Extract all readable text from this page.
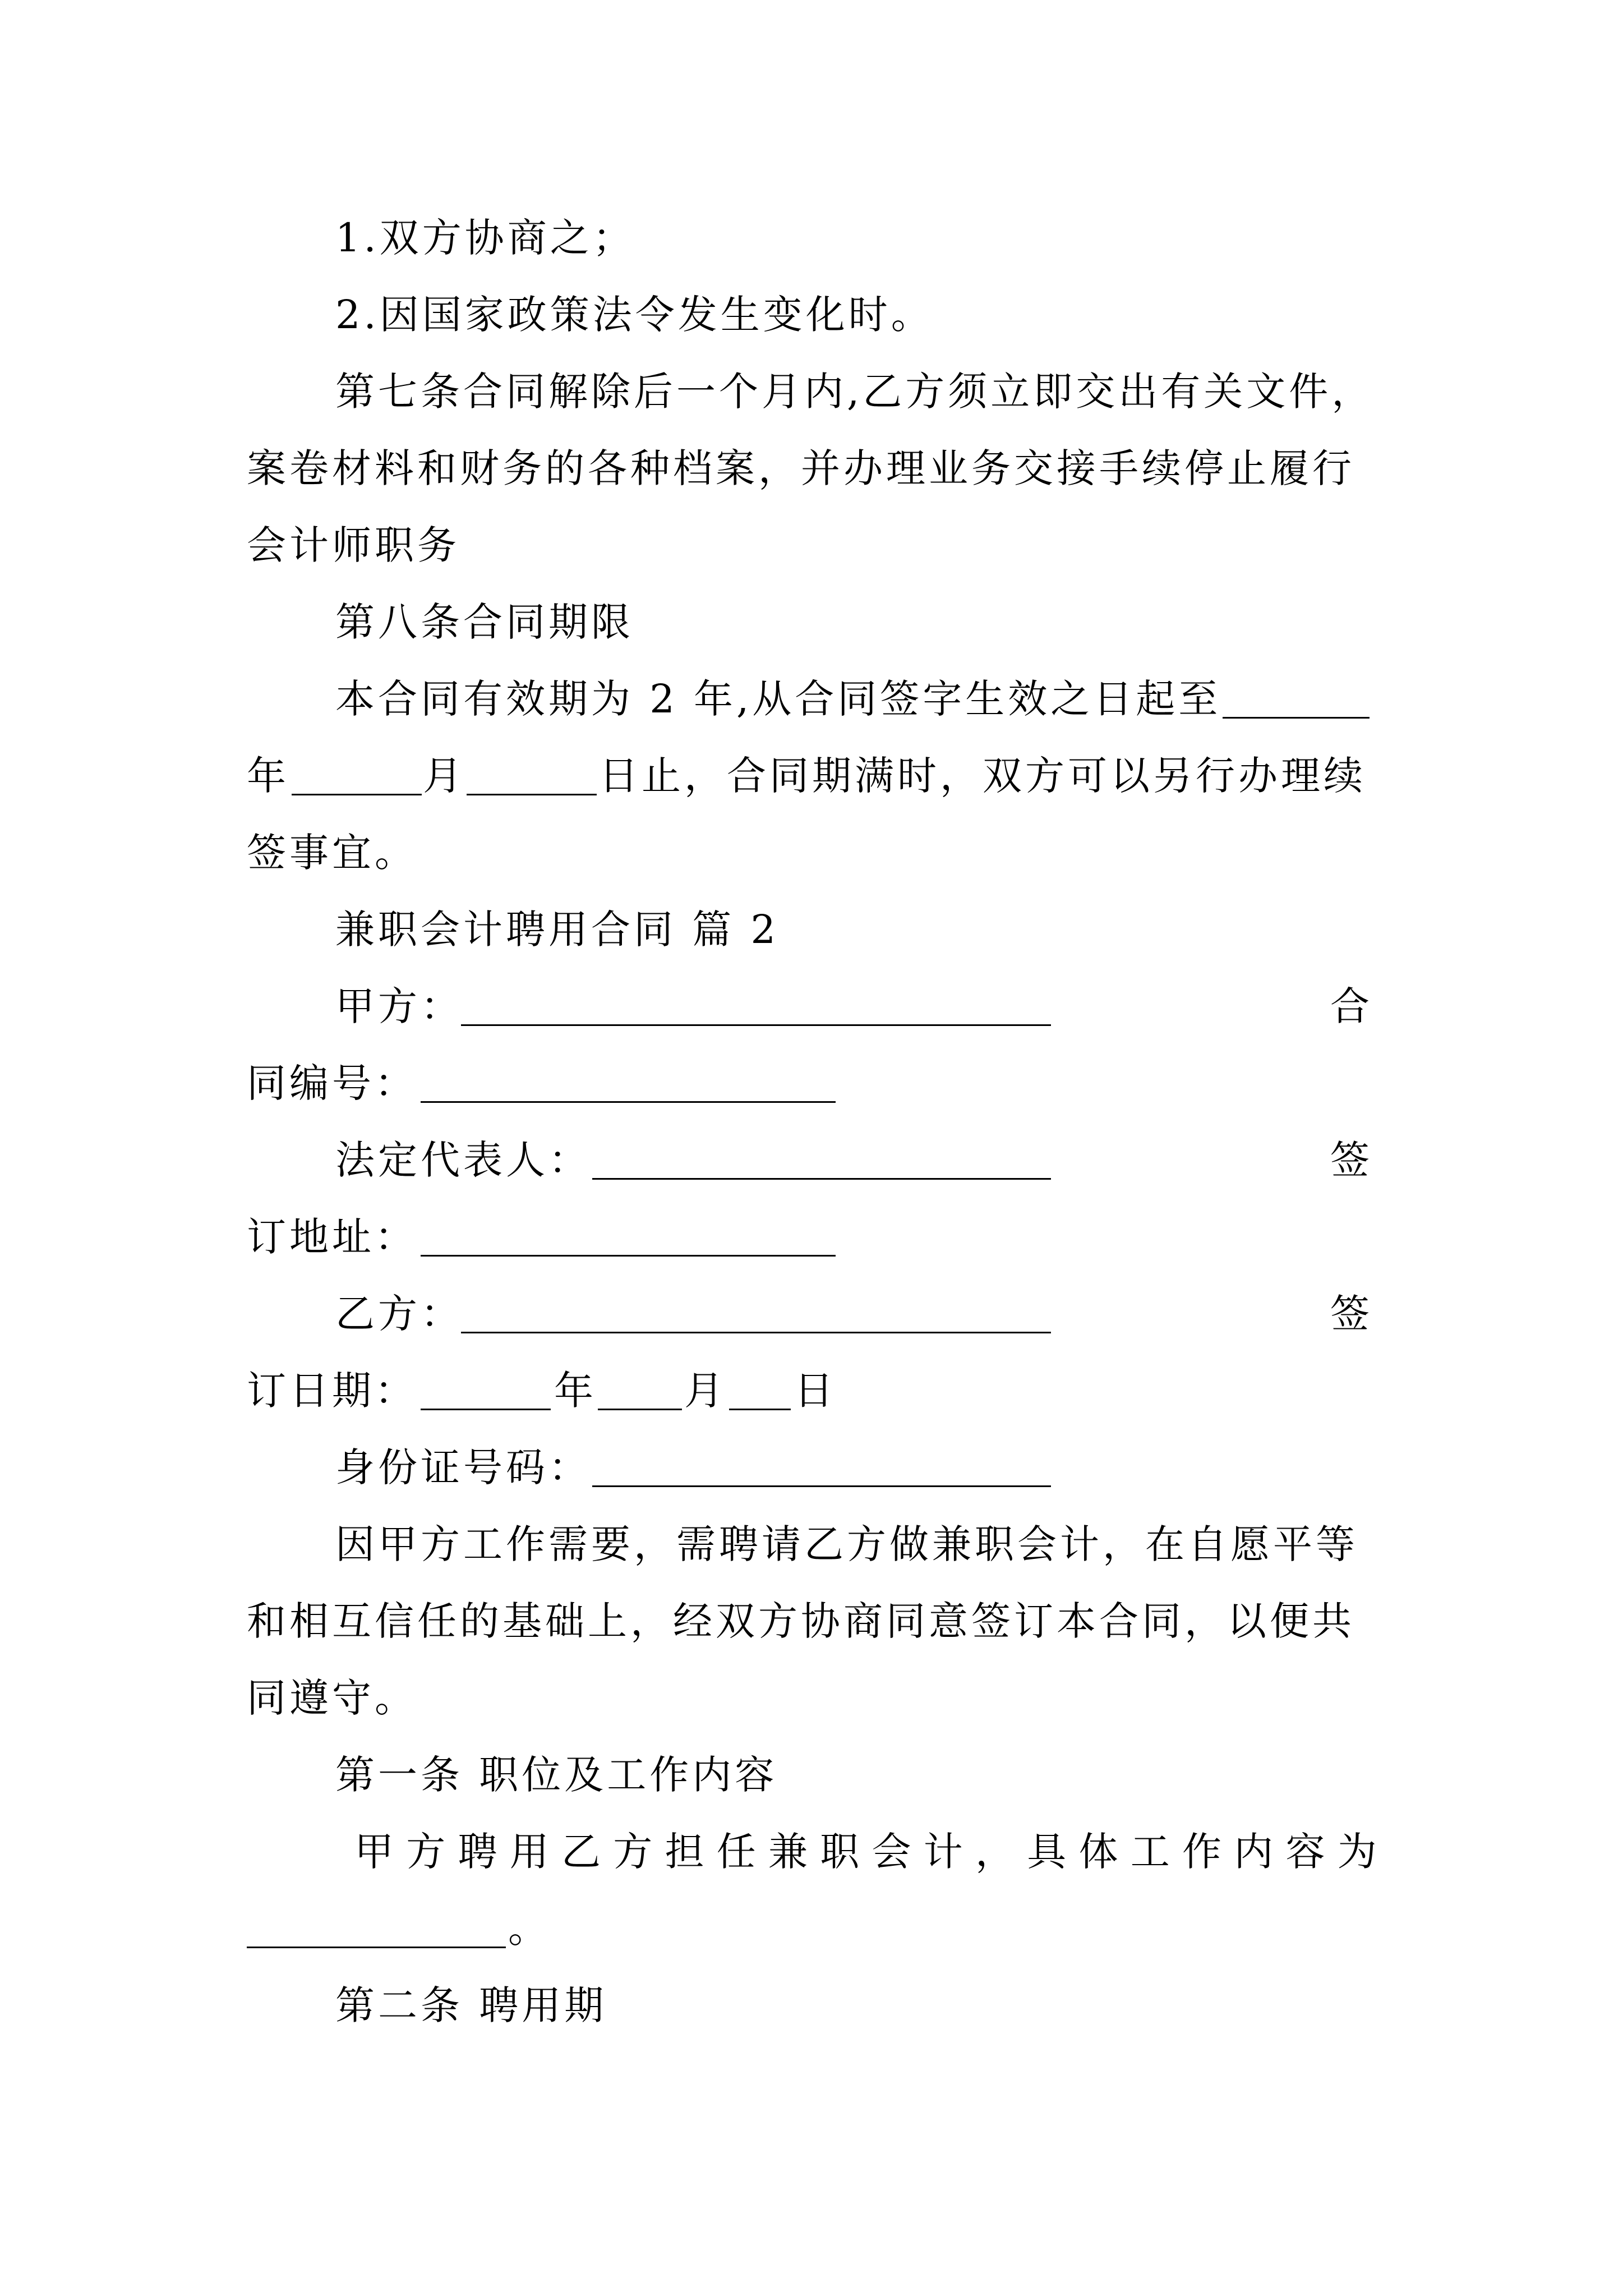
1.双方协商之；
2.因国家政策法令发生变化时。
第七条合同解除后一个月内,乙方须立即交出有关文件，
案卷材料和财务的各种档案，并办理业务交接手续停止履行
会计师职务
第八条合同期限
本合同有效期为 2 年,从合同签字生效之日起至
年	月	日止，合同期满时，双方可以另行办理续
签事宜。
兼职会计聘用合同 篇 2
甲方：	合
同编号：
法定代表人：	签
订地址：
乙方：	签
订日期：	年 月 日
身份证号码：
因甲方工作需要，需聘请乙方做兼职会计，在自愿平等
和相互信任的基础上，经双方协商同意签订本合同，以便共
同遵守。
第一条 职位及工作内容
甲 方 聘 用 乙 方 担 任 兼 职 会 计 ， 具 体 工 作 内 容 为
。
第二条 聘用期
